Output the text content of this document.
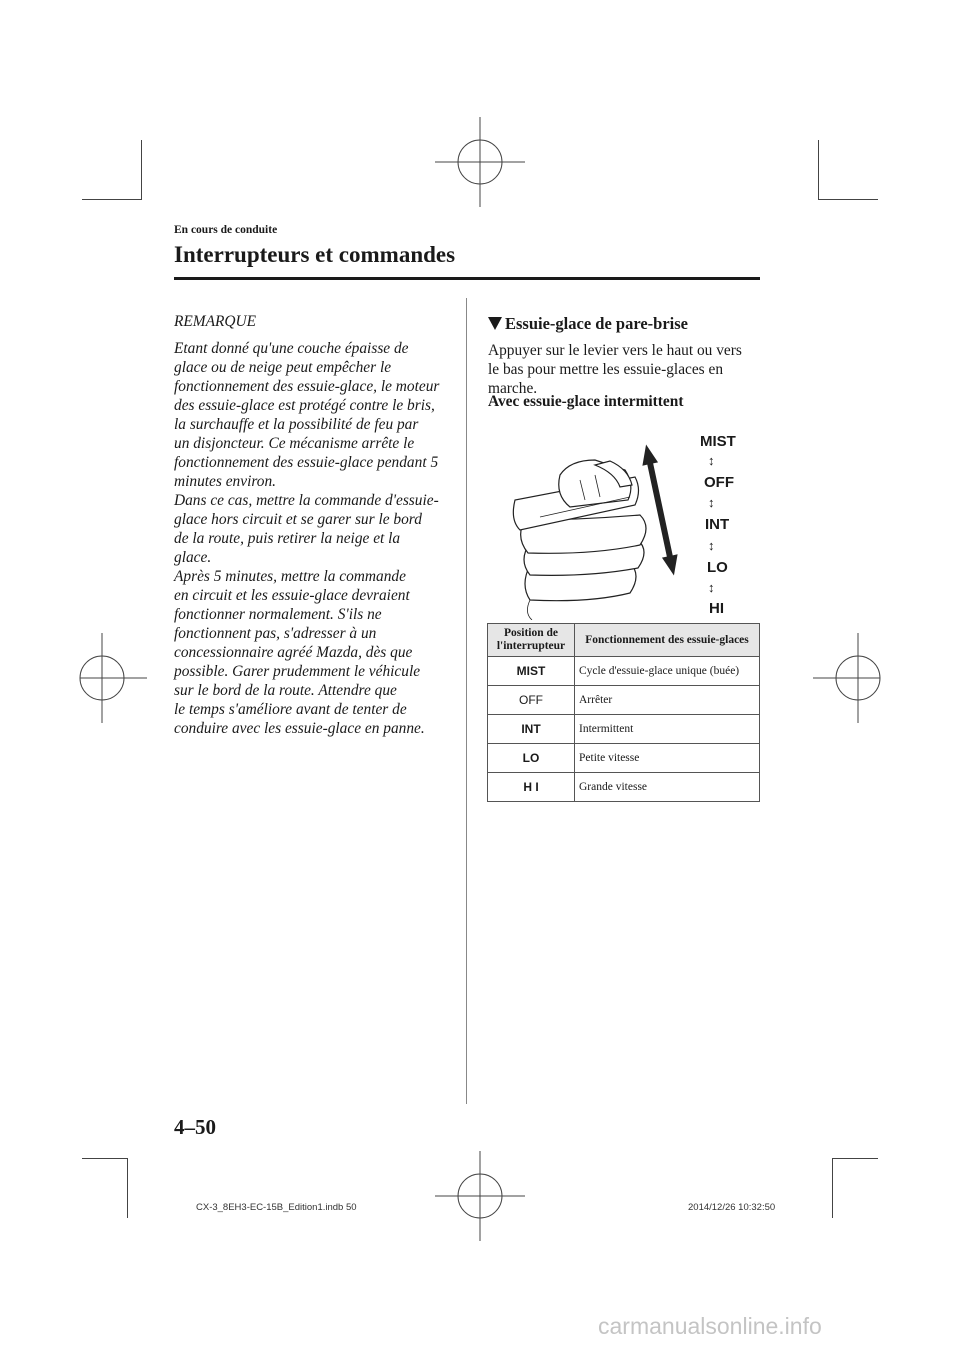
En cours de conduite
Interrupteurs et commandes
REMARQUE
Etant donné qu'une couche épaisse de
glace ou de neige peut empêcher le
fonctionnement des essuie-glace, le moteur
des essuie-glace est protégé contre le bris,
la surchauffe et la possibilité de feu par
un disjoncteur. Ce mécanisme arrête le
fonctionnement des essuie-glace pendant 5
minutes environ.
Dans ce cas, mettre la commande d'essuie-
glace hors circuit et se garer sur le bord
de la route, puis retirer la neige et la
glace.
Après 5 minutes, mettre la commande
en circuit et les essuie-glace devraient
fonctionner normalement. S'ils ne
fonctionnent pas, s'adresser à un
concessionnaire agréé Mazda, dès que
possible. Garer prudemment le véhicule
sur le bord de la route. Attendre que
le temps s'améliore avant de tenter de
conduire avec les essuie-glace en panne.
Essuie-glace de pare-brise
Appuyer sur le levier vers le haut ou vers
le bas pour mettre les essuie-glaces en
marche.
Avec essuie-glace intermittent
MIST
↕
OFF
↕
INT
↕
LO
↕
HI
Position de l'interrupteur	Fonctionnement des essuie-glaces
MIST	Cycle d'essuie-glace unique (buée)
OFF	Arrêter
INT	Intermittent
LO	Petite vitesse
H I	Grande vitesse
4–50
CX-3_8EH3-EC-15B_Edition1.indb 50	2014/12/26 10:32:50
carmanualsonline.info
